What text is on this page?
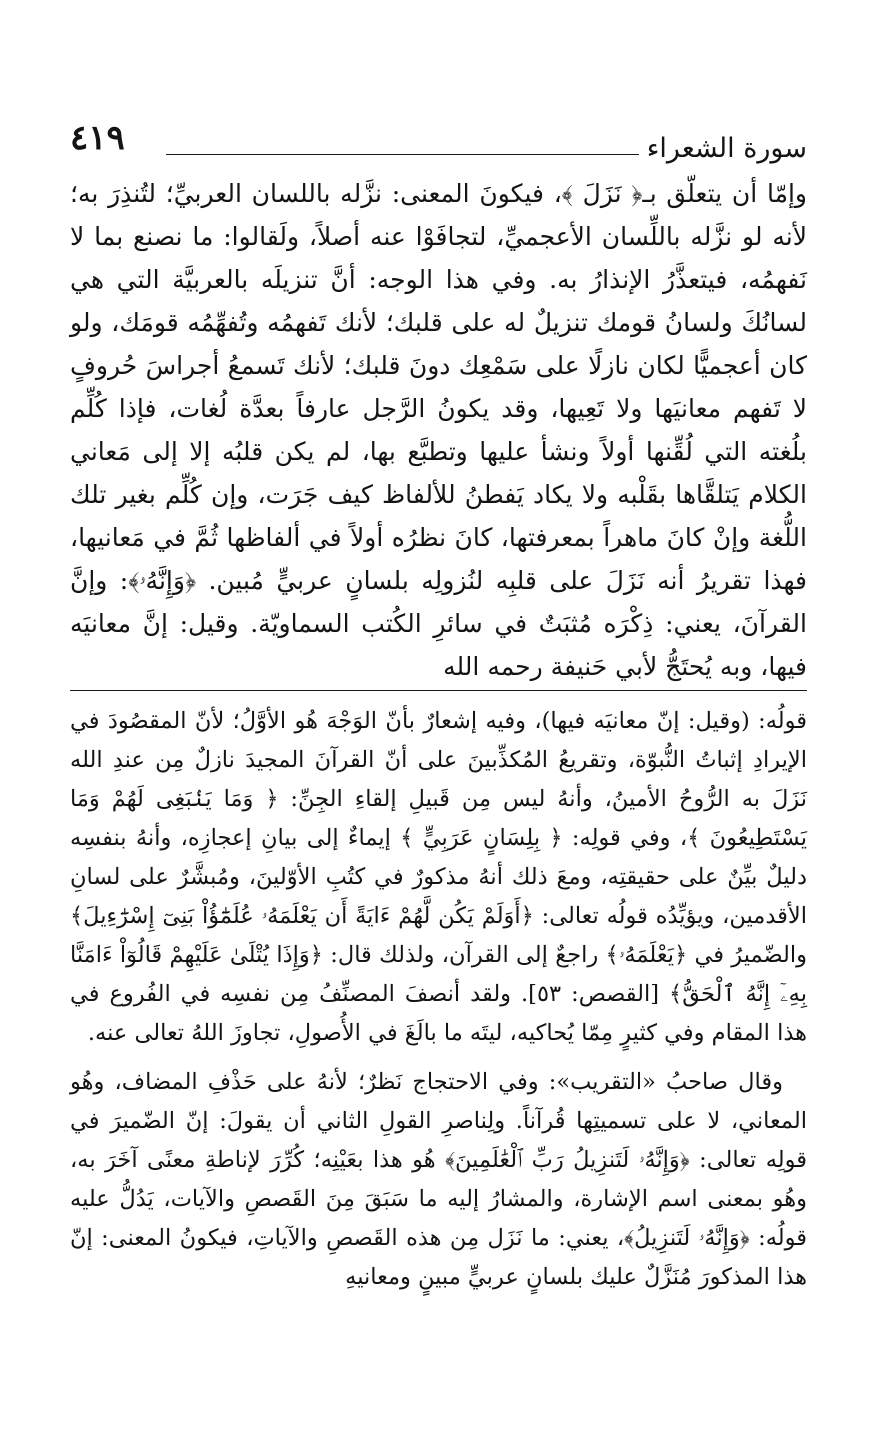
سورة الشعراء
٤١٩

وإمّا أن يتعلّق بـ﴿ نَزَلَ ﴾، فيكونَ المعنى: نزَّله باللسان العربيِّ؛ لتُنذِرَ به؛ لأنه لو نزَّله باللِّسان الأعجميِّ، لتجافَوْا عنه أصلاً، ولَقالوا: ما نصنع بما لا نَفهمُه، فيتعذَّرُ الإنذارُ به. وفي هذا الوجه: أنَّ تنزيلَه بالعربيَّة التي هي لسانُكَ ولسانُ قومك تنزيلٌ له على قلبك؛ لأنك تَفهمُه وتُفهِّمُه قومَك، ولو كان أعجميًّا لكان نازلًا على سَمْعِك دونَ قلبك؛ لأنك تَسمعُ أجراسَ حُروفٍ لا تَفهم معانيَها ولا تَعِيها، وقد يكونُ الرَّجل عارفاً بعدَّة لُغات، فإذا كُلِّم بلُغته التي لُقِّنها أولاً ونشأ عليها وتطبَّع بها، لم يكن قلبُه إلا إلى مَعاني الكلام يَتلقَّاها بقَلْبه ولا يكاد يَفطنُ للألفاظ كيف جَرَت، وإن كُلِّم بغير تلك اللُّغة وإنْ كانَ ماهراً بمعرفتها، كانَ نظرُه أولاً في ألفاظها ثُمَّ في مَعانيها، فهذا تقريرُ أنه نَزَلَ على قلبِه لنُزولِه بلسانٍ عربيٍّ مُبين. ﴿وَإِنَّهُۥ﴾: وإنَّ القرآنَ، يعني: ذِكْرَه مُثبَتٌ في سائرِ الكُتب السماويّة. وقيل: إنَّ معانيَه فيها، وبه يُحتَجُّ لأبي حَنيفة رحمه الله

قولُه: (وقيل: إنّ معانيَه فيها)، وفيه إشعارٌ بأنّ الوَجْهَ هُو الأوَّلُ؛ لأنّ المقصُودَ في الإيرادِ إثباتُ النُّبوّة، وتقريعُ المُكذِّبينَ على أنّ القرآنَ المجيدَ نازلٌ مِن عندِ الله نَزَلَ به الرُّوحُ الأمينُ، وأنهُ ليس مِن قَبيلِ إلقاءِ الجِنِّ: ﴿ وَمَا يَنۢبَغِى لَهُمْ وَمَا يَسْتَطِيعُونَ ﴾، وفي قولِه: ﴿ بِلِسَانٍ عَرَبِيٍّ ﴾ إيماءٌ إلى بيانِ إعجازِه، وأنهُ بنفسِه دليلٌ بيِّنٌ على حقيقتِه، ومعَ ذلك أنهُ مذكورٌ في كتُبِ الأوّلينَ، ومُبشَّرٌ على لسانِ الأقدمين، ويؤيِّدُه قولُه تعالى: ﴿أَوَلَمْ يَكُن لَّهُمْ ءَايَةً أَن يَعْلَمَهُۥ عُلَمَٰٓؤُاْ بَنِىٓ إِسْرَٰٓءِيلَ﴾ والضّميرُ في ﴿يَعْلَمَهُۥ﴾ راجعٌ إلى القرآن، ولذلك قال: ﴿وَإِذَا يُتْلَىٰ عَلَيْهِمْ قَالُوٓاْ ءَامَنَّا بِهِۦٓ إِنَّهُ ٱلْحَقُّ﴾ [القصص: ٥٣]. ولقد أنصفَ المصنِّفُ مِن نفسِه في الفُروع في هذا المقام وفي كثيرٍ مِمّا يُحاكيه، ليتَه ما بالَغَ في الأُصولِ، تجاوزَ اللهُ تعالى عنه.

وقال صاحبُ «التقريب»: وفي الاحتجاج نَظرٌ؛ لأنهُ على حَذْفِ المضاف، وهُو المعاني، لا على تسميتِها قُرآناً. ولِناصرِ القولِ الثاني أن يقولَ: إنّ الضّميرَ في قولِه تعالى: ﴿وَإِنَّهُۥ لَتَنزِيلُ رَبِّ ٱلْعَٰلَمِينَ﴾ هُو هذا بعَيْنِه؛ كُرِّرَ لإناطةِ معنًى آخَرَ به، وهُو بمعنى اسم الإشارة، والمشارُ إليه ما سَبَقَ مِنَ القَصصِ والآيات، يَدُلُّ عليه قولُه: ﴿وَإِنَّهُۥ لَتَنزِيلُ﴾، يعني: ما نَزَل مِن هذه القَصصِ والآياتِ، فيكونُ المعنى: إنّ هذا المذكورَ مُنَزَّلٌ عليك بلسانٍ عربيٍّ مبينٍ ومعانيهِ
